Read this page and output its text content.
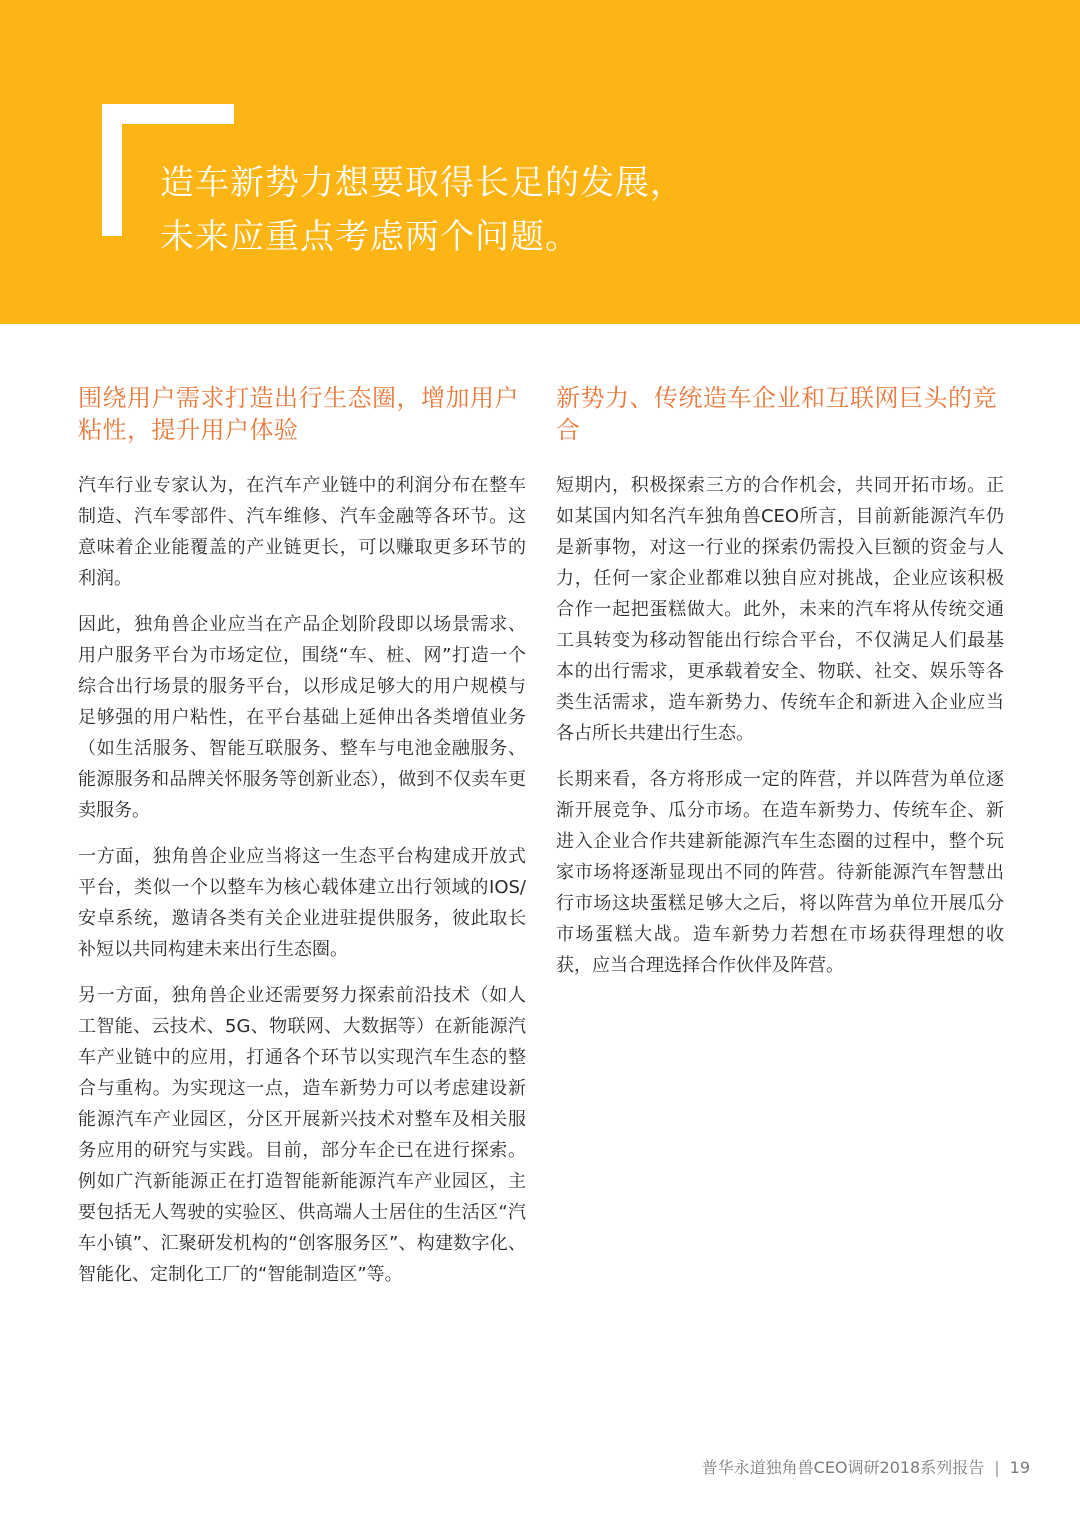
造车新势力想要取得长足的发展，
未来应重点考虑两个问题。
围绕用户需求打造出行生态圈，增加用户粘性，提升用户体验

汽车行业专家认为，在汽车产业链中的利润分布在整车制造、汽车零部件、汽车维修、汽车金融等各环节。这意味着企业能覆盖的产业链更长，可以赚取更多环节的利润。

因此，独角兽企业应当在产品企划阶段即以场景需求、用户服务平台为市场定位，围绕“车、桩、网”打造一个综合出行场景的服务平台，以形成足够大的用户规模与足够强的用户粘性，在平台基础上延伸出各类增值业务（如生活服务、智能互联服务、整车与电池金融服务、能源服务和品牌关怀服务等创新业态），做到不仅卖车更卖服务。

一方面，独角兽企业应当将这一生态平台构建成开放式平台，类似一个以整车为核心载体建立出行领域的IOS/安卓系统，邀请各类有关企业进驻提供服务，彼此取长补短以共同构建未来出行生态圈。

另一方面，独角兽企业还需要努力探索前沿技术（如人工智能、云技术、5G、物联网、大数据等）在新能源汽车产业链中的应用，打通各个环节以实现汽车生态的整合与重构。为实现这一点，造车新势力可以考虑建设新能源汽车产业园区，分区开展新兴技术对整车及相关服务应用的研究与实践。目前，部分车企已在进行探索。例如广汽新能源正在打造智能新能源汽车产业园区，主要包括无人驾驶的实验区、供高端人士居住的生活区“汽车小镇”、汇聚研发机构的“创客服务区”、构建数字化、智能化、定制化工厂的“智能制造区”等。

新势力、传统造车企业和互联网巨头的竞合

短期内，积极探索三方的合作机会，共同开拓市场。正如某国内知名汽车独角兽CEO所言，目前新能源汽车仍是新事物，对这一行业的探索仍需投入巨额的资金与人力，任何一家企业都难以独自应对挑战，企业应该积极合作一起把蛋糕做大。此外，未来的汽车将从传统交通工具转变为移动智能出行综合平台，不仅满足人们最基本的出行需求，更承载着安全、物联、社交、娱乐等各类生活需求，造车新势力、传统车企和新进入企业应当各占所长共建出行生态。

长期来看，各方将形成一定的阵营，并以阵营为单位逐渐开展竞争、瓜分市场。在造车新势力、传统车企、新进入企业合作共建新能源汽车生态圈的过程中，整个玩家市场将逐渐显现出不同的阵营。待新能源汽车智慧出行市场这块蛋糕足够大之后，将以阵营为单位开展瓜分市场蛋糕大战。造车新势力若想在市场获得理想的收获，应当合理选择合作伙伴及阵营。

普华永道独角兽CEO调研2018系列报告 | 19
